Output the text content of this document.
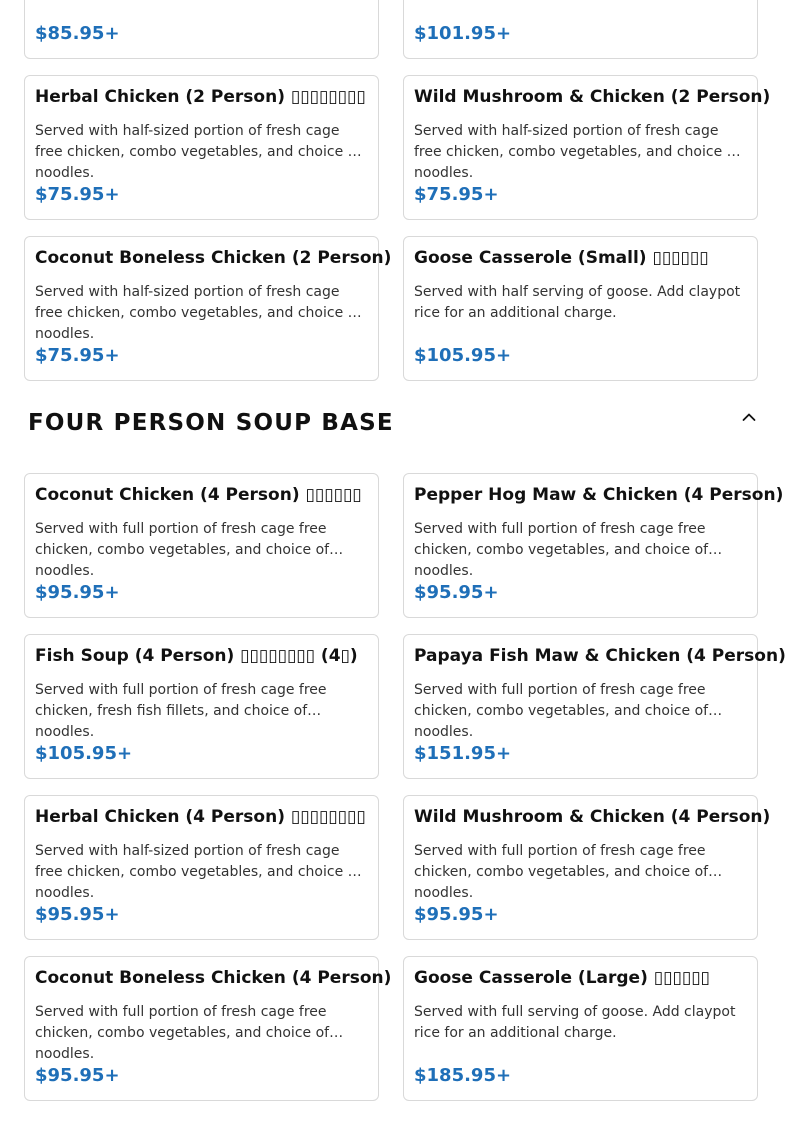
$85.95+	$101.95+
Herbal Chicken (2 Person) ▯▯▯▯▯▯▯▯
Served with half-sized portion of fresh cage free chicken, combo vegetables, and choice of noodles.
$75.95+
Wild Mushroom & Chicken (2 Person)
Served with half-sized portion of fresh cage free chicken, combo vegetables, and choice of noodles.
$75.95+
Coconut Boneless Chicken (2 Person)
Served with half-sized portion of fresh cage free chicken, combo vegetables, and choice of noodles.
$75.95+
Goose Casserole (Small) ▯▯▯▯▯▯
Served with half serving of goose. Add claypot rice for an additional charge.
$105.95+
FOUR PERSON SOUP BASE
Coconut Chicken (4 Person) ▯▯▯▯▯▯
Served with full portion of fresh cage free chicken, combo vegetables, and choice of noodles.
$95.95+
Pepper Hog Maw & Chicken (4 Person)
Served with full portion of fresh cage free chicken, combo vegetables, and choice of noodles.
$95.95+
Fish Soup (4 Person) ▯▯▯▯▯▯▯▯ (4▯)
Served with full portion of fresh cage free chicken, fresh fish fillets, and choice of noodles.
$105.95+
Papaya Fish Maw & Chicken (4 Person)
Served with full portion of fresh cage free chicken, combo vegetables, and choice of noodles.
$151.95+
Herbal Chicken (4 Person) ▯▯▯▯▯▯▯▯
Served with half-sized portion of fresh cage free chicken, combo vegetables, and choice of noodles.
$95.95+
Wild Mushroom & Chicken (4 Person)
Served with full portion of fresh cage free chicken, combo vegetables, and choice of noodles.
$95.95+
Coconut Boneless Chicken (4 Person)
Served with full portion of fresh cage free chicken, combo vegetables, and choice of noodles.
$95.95+
Goose Casserole (Large) ▯▯▯▯▯▯
Served with full serving of goose. Add claypot rice for an additional charge.
$185.95+
